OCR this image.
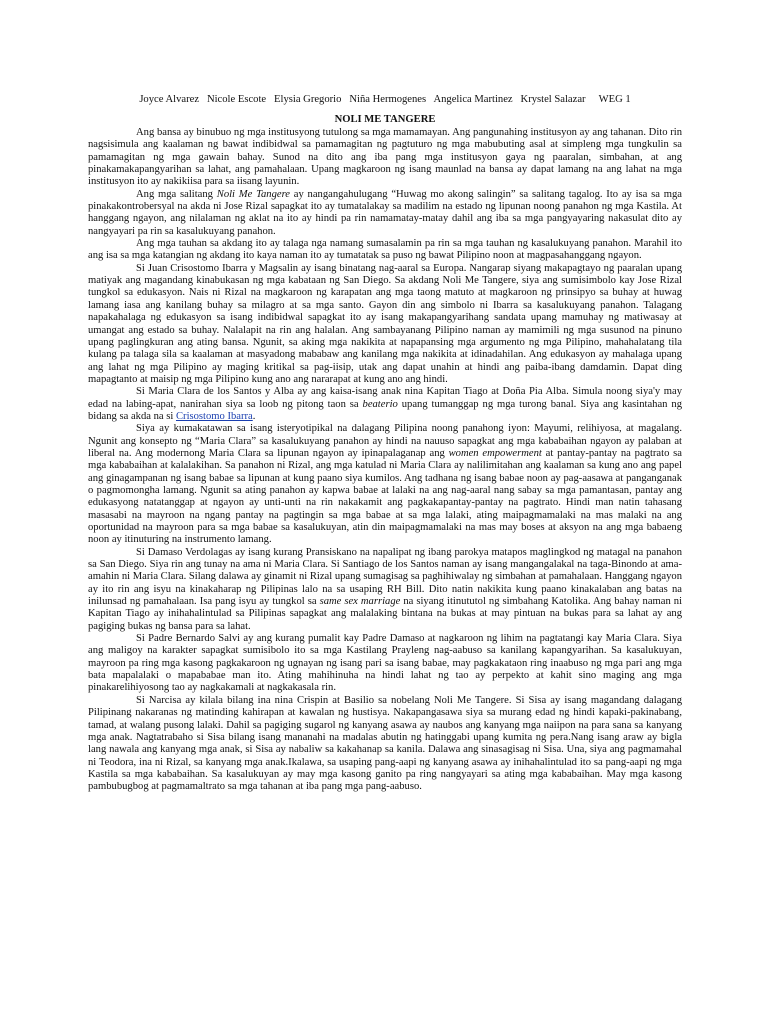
Joyce Alvarez   Nicole Escote   Elysia Gregorio   Niña Hermogenes   Angelica Martinez   Krystel Salazar     WEG 1

NOLI ME TANGERE

Ang bansa ay binubuo ng mga institusyong tutulong sa mga mamamayan. Ang pangunahing institusyon ay ang tahanan. Dito rin nagsisimula ang kaalaman ng bawat indibidwal sa pamamagitan ng pagtuturo ng mga mabubuting asal at simpleng mga tungkulin sa pamamagitan ng mga gawain bahay. Sunod na dito ang iba pang mga institusyon gaya ng paaralan, simbahan, at ang pinakamakapangyarihan sa lahat, ang pamahalaan. Upang magkaroon ng isang maunlad na bansa ay dapat lamang na ang lahat na mga institusyon ito ay nakikiisa para sa iisang layunin.

Ang mga salitang Noli Me Tangere ay nangangahulugang “Huwag mo akong salingin” sa salitang tagalog. Ito ay isa sa mga pinakakontrobersyal na akda ni Jose Rizal sapagkat ito ay tumatalakay sa madilim na estado ng lipunan noong panahon ng mga Kastila. At hanggang ngayon, ang nilalaman ng aklat na ito ay hindi pa rin namamatay-matay dahil ang iba sa mga pangyayaring nakasulat dito ay nangyayari pa rin sa kasalukuyang panahon.

Ang mga tauhan sa akdang ito ay talaga nga namang sumasalamin pa rin sa mga tauhan ng kasalukuyang panahon. Marahil ito ang isa sa mga katangian ng akdang ito kaya naman ito ay tumatatak sa puso ng bawat Pilipino noon at magpasahanggang ngayon.

Si Juan Crisostomo Ibarra y Magsalin ay isang binatang nag-aaral sa Europa. Nangarap siyang makapagtayo ng paaralan upang matiyak ang magandang kinabukasan ng mga kabataan ng San Diego. Sa akdang Noli Me Tangere, siya ang sumisimbolo kay Jose Rizal tungkol sa edukasyon. Nais ni Rizal na magkaroon ng karapatan ang mga taong matuto at magkaroon ng prinsipyo sa buhay at huwag lamang iasa ang kanilang buhay sa milagro at sa mga santo. Gayon din ang simbolo ni Ibarra sa kasalukuyang panahon. Talagang napakahalaga ng edukasyon sa isang indibidwal sapagkat ito ay isang makapangyarihang sandata upang mamuhay ng matiwasay at umangat ang estado sa buhay. Nalalapit na rin ang halalan. Ang sambayanang Pilipino naman ay mamimili ng mga susunod na pinuno upang paglingkuran ang ating bansa. Ngunit, sa aking mga nakikita at napapansing mga argumento ng mga Pilipino, mahahalatang tila kulang pa talaga sila sa kaalaman at masyadong mababaw ang kanilang mga nakikita at idinadahilan. Ang edukasyon ay mahalaga upang ang lahat ng mga Pilipino ay maging kritikal sa pag-iisip, utak ang dapat unahin at hindi ang paiba-ibang damdamin. Dapat ding mapagtanto at maisip ng mga Pilipino kung ano ang nararapat at kung ano ang hindi.

Si Maria Clara de los Santos y Alba ay ang kaisa-isang anak nina Kapitan Tiago at Doña Pia Alba. Simula noong siya'y may edad na labing-apat, nanirahan siya sa loob ng pitong taon sa beaterio upang tumanggap ng mga turong banal. Siya ang kasintahan ng bidang sa akda na si Crisostomo Ibarra.

Siya ay kumakatawan sa isang isteryotipikal na dalagang Pilipina noong panahong iyon: Mayumi, relihiyosa, at magalang. Ngunit ang konsepto ng “Maria Clara” sa kasalukuyang panahon ay hindi na nauuso sapagkat ang mga kababaihan ngayon ay palaban at liberal na. Ang modernong Maria Clara sa lipunan ngayon ay ipinapalaganap ang women empowerment at pantay-pantay na pagtrato sa mga kababaihan at kalalakihan. Sa panahon ni Rizal, ang mga katulad ni Maria Clara ay nalilimitahan ang kaalaman sa kung ano ang papel ang ginagampanan ng isang babae sa lipunan at kung paano siya kumilos. Ang tadhana ng isang babae noon ay pag-aasawa at panganganak o pagmomongha lamang. Ngunit sa ating panahon ay kapwa babae at lalaki na ang nag-aaral nang sabay sa mga pamantasan, pantay ang edukasyong natatanggap at ngayon ay unti-unti na rin nakakamit ang pagkakapantay-pantay na pagtrato. Hindi man natin tahasang masasabi na mayroon na ngang pantay na pagtingin sa mga babae at sa mga lalaki, ating maipagmamalaki na mas malaki na ang oportunidad na mayroon para sa mga babae sa kasalukuyan, atin din maipagmamalaki na mas may boses at aksyon na ang mga babaeng noon ay itinuturing na instrumento lamang.

Si Damaso Verdolagas ay isang kurang Pransiskano na napalipat ng ibang parokya matapos maglingkod ng matagal na panahon sa San Diego. Siya rin ang tunay na ama ni Maria Clara. Si Santiago de los Santos naman ay isang mangangalakal na taga-Binondo at ama-amahin ni Maria Clara. Silang dalawa ay ginamit ni Rizal upang sumagisag sa paghihiwalay ng simbahan at pamahalaan. Hanggang ngayon ay ito rin ang isyu na kinakaharap ng Pilipinas lalo na sa usaping RH Bill. Dito natin nakikita kung paano kinakalaban ang batas na inilunsad ng pamahalaan. Isa pang isyu ay tungkol sa same sex marriage na siyang itinututol ng simbahang Katolika. Ang bahay naman ni Kapitan Tiago ay inihahalintulad sa Pilipinas sapagkat ang malalaking bintana na bukas at may pintuan na bukas para sa lahat ay ang pagiging bukas ng bansa para sa lahat.

Si Padre Bernardo Salvi ay ang kurang pumalit kay Padre Damaso at nagkaroon ng lihim na pagtatangi kay Maria Clara. Siya ang maligoy na karakter sapagkat sumisibolo ito sa mga Kastilang Prayleng nag-aabuso sa kanilang kapangyarihan. Sa kasalukuyan, mayroon pa ring mga kasong pagkakaroon ng ugnayan ng isang pari sa isang babae, may pagkakataon ring inaabuso ng mga pari ang mga bata mapalalaki o mapababae man ito. Ating mahihinuha na hindi lahat ng tao ay perpekto at kahit sino maging ang mga pinakarelihiyosong tao ay nagkakamali at nagkakasala rin.

Si Narcisa ay kilala bilang ina nina Crispin at Basilio sa nobelang Noli Me Tangere. Si Sisa ay isang magandang dalagang Pilipinang nakaranas ng matinding kahirapan at kawalan ng hustisya. Nakapangasawa siya sa murang edad ng hindi kapaki-pakinabang, tamad, at walang pusong lalaki. Dahil sa pagiging sugarol ng kanyang asawa ay naubos ang kanyang mga naiipon na para sana sa kanyang mga anak. Nagtatrabaho si Sisa bilang isang mananahi na madalas abutin ng hatinggabi upang kumita ng pera.Nang isang araw ay bigla lang nawala ang kanyang mga anak, si Sisa ay nabaliw sa kakahanap sa kanila. Dalawa ang sinasagisag ni Sisa. Una, siya ang pagmamahal ni Teodora, ina ni Rizal, sa kanyang mga anak.Ikalawa, sa usaping pang-aapi ng kanyang asawa ay inihahalintulad ito sa pang-aapi ng mga Kastila sa mga kababaihan. Sa kasalukuyan ay may mga kasong ganito pa ring nangyayari sa ating mga kababaihan. May mga kasong pambubugbog at pagmamaltrato sa mga tahanan at iba pang mga pang-aabuso.
